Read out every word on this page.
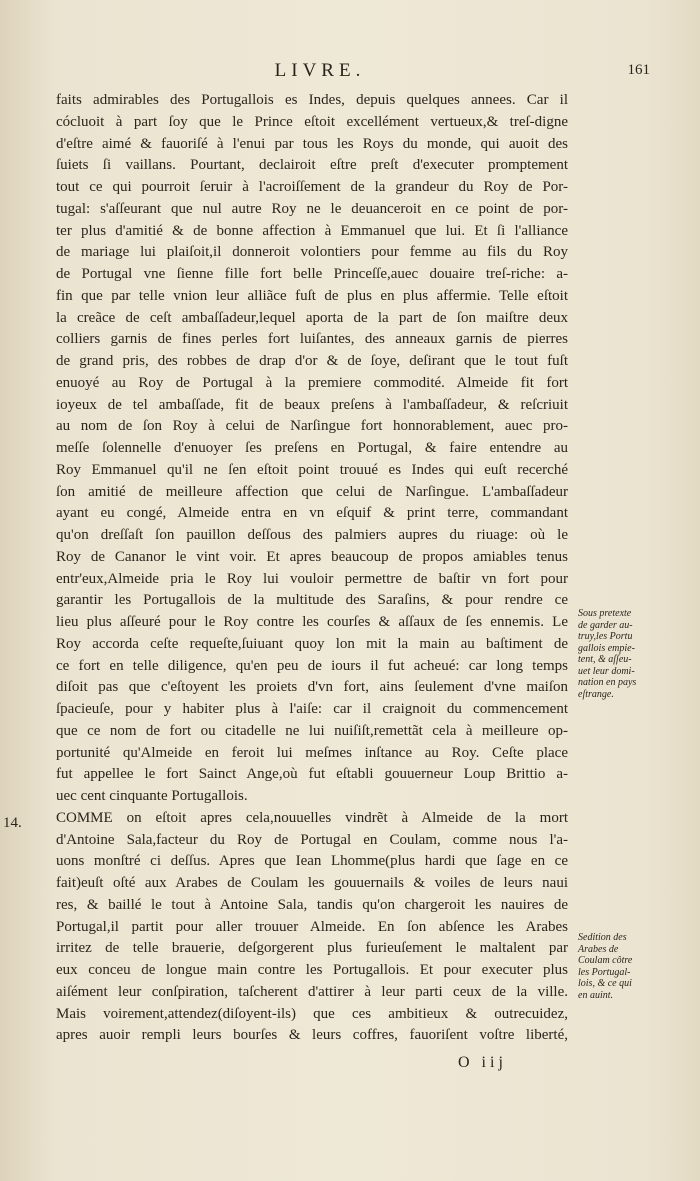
LIVRE.	161
faits admirables des Portugallois es Indes, depuis quelques annees. Car il
cócluoit à part ſoy que le Prince eſtoit excellément vertueux,& treſ-digne
d'eſtre aimé & fauoriſé à l'enui par tous les Roys du monde, qui auoit des
ſuiets ſi vaillans. Pourtant, declairoit eſtre preſt d'executer promptement
tout ce qui pourroit ſeruir à l'acroiſſement de la grandeur du Roy de Por-
tugal: s'aſſeurant que nul autre Roy ne le deuanceroit en ce point de por-
ter plus d'amitié & de bonne affection à Emmanuel que lui. Et ſi l'alliance
de mariage lui plaiſoit,il donneroit volontiers pour femme au fils du Roy
de Portugal vne ſienne fille fort belle Princeſſe,auec douaire treſ-riche: a-
fin que par telle vnion leur alliãce fuſt de plus en plus affermie. Telle eſtoit
la creãce de ceſt ambaſſadeur,lequel aporta de la part de ſon maiſtre deux
colliers garnis de fines perles fort luiſantes, des anneaux garnis de pierres
de grand pris, des robbes de drap d'or & de ſoye, deſirant que le tout fuſt
enuoyé au Roy de Portugal à la premiere commodité. Almeide fit fort
ioyeux de tel ambaſſade, fit de beaux preſens à l'ambaſſadeur, & reſcriuit
au nom de ſon Roy à celui de Narſingue fort honnorablement, auec pro-
meſſe ſolennelle d'enuoyer ſes preſens en Portugal, & faire entendre au
Roy Emmanuel qu'il ne ſen eſtoit point trouué es Indes qui euſt recerché
ſon amitié de meilleure affection que celui de Narſingue. L'ambaſſadeur
ayant eu congé, Almeide entra en vn eſquif & print terre, commandant
qu'on dreſſaſt ſon pauillon deſſous des palmiers aupres du riuage: où le
Roy de Cananor le vint voir. Et apres beaucoup de propos amiables tenus
entr'eux,Almeide pria le Roy lui vouloir permettre de baſtir vn fort pour
garantir les Portugallois de la multitude des Saraſins, & pour rendre ce
lieu plus aſſeuré pour le Roy contre les courſes & aſſaux de ſes ennemis. Le
Roy accorda ceſte requeſte,ſuiuant quoy lon mit la main au baſtiment de
ce fort en telle diligence, qu'en peu de iours il fut acheué: car long temps
diſoit pas que c'eſtoyent les proiets d'vn fort, ains ſeulement d'vne maiſon
ſpacieuſe, pour y habiter plus à l'aiſe: car il craignoit du commencement
que ce nom de fort ou citadelle ne lui nuiſiſt,remettãt cela à meilleure op-
portunité qu'Almeide en feroit lui meſmes inſtance au Roy. Ceſte place
fut appellee le fort Sainct Ange,où fut eſtabli gouuerneur Loup Brittio a-
uec cent cinquante Portugallois.
COMME on eſtoit apres cela,nouuelles vindrẽt à Almeide de la mort
d'Antoine Sala,facteur du Roy de Portugal en Coulam, comme nous l'a-
uons monſtré ci deſſus. Apres que Iean Lhomme(plus hardi que ſage en ce
fait)euſt oſté aux Arabes de Coulam les gouuernails & voiles de leurs naui
res, & baillé le tout à Antoine Sala, tandis qu'on chargeroit les nauires de
Portugal,il partit pour aller trouuer Almeide. En ſon abſence les Arabes
irritez de telle brauerie, deſgorgerent plus furieuſement le maltalent par
eux conceu de longue main contre les Portugallois. Et pour executer plus
aiſément leur conſpiration, taſcherent d'attirer à leur parti ceux de la ville.
Mais voirement,attendez(diſoyent-ils) que ces ambitieux & outrecuidez,
apres auoir rempli leurs bourſes & leurs coffres, fauoriſent voſtre liberté,
14.
Sous pretexte
de garder au-
truy,les Portu
gallois empie-
tent, & aſſeu-
uet leur domi-
nation en pays
eſtrange.
Sedition des
Arabes de
Coulam côtre
les Portugal-
lois, & ce qui
en auint.
O iij
